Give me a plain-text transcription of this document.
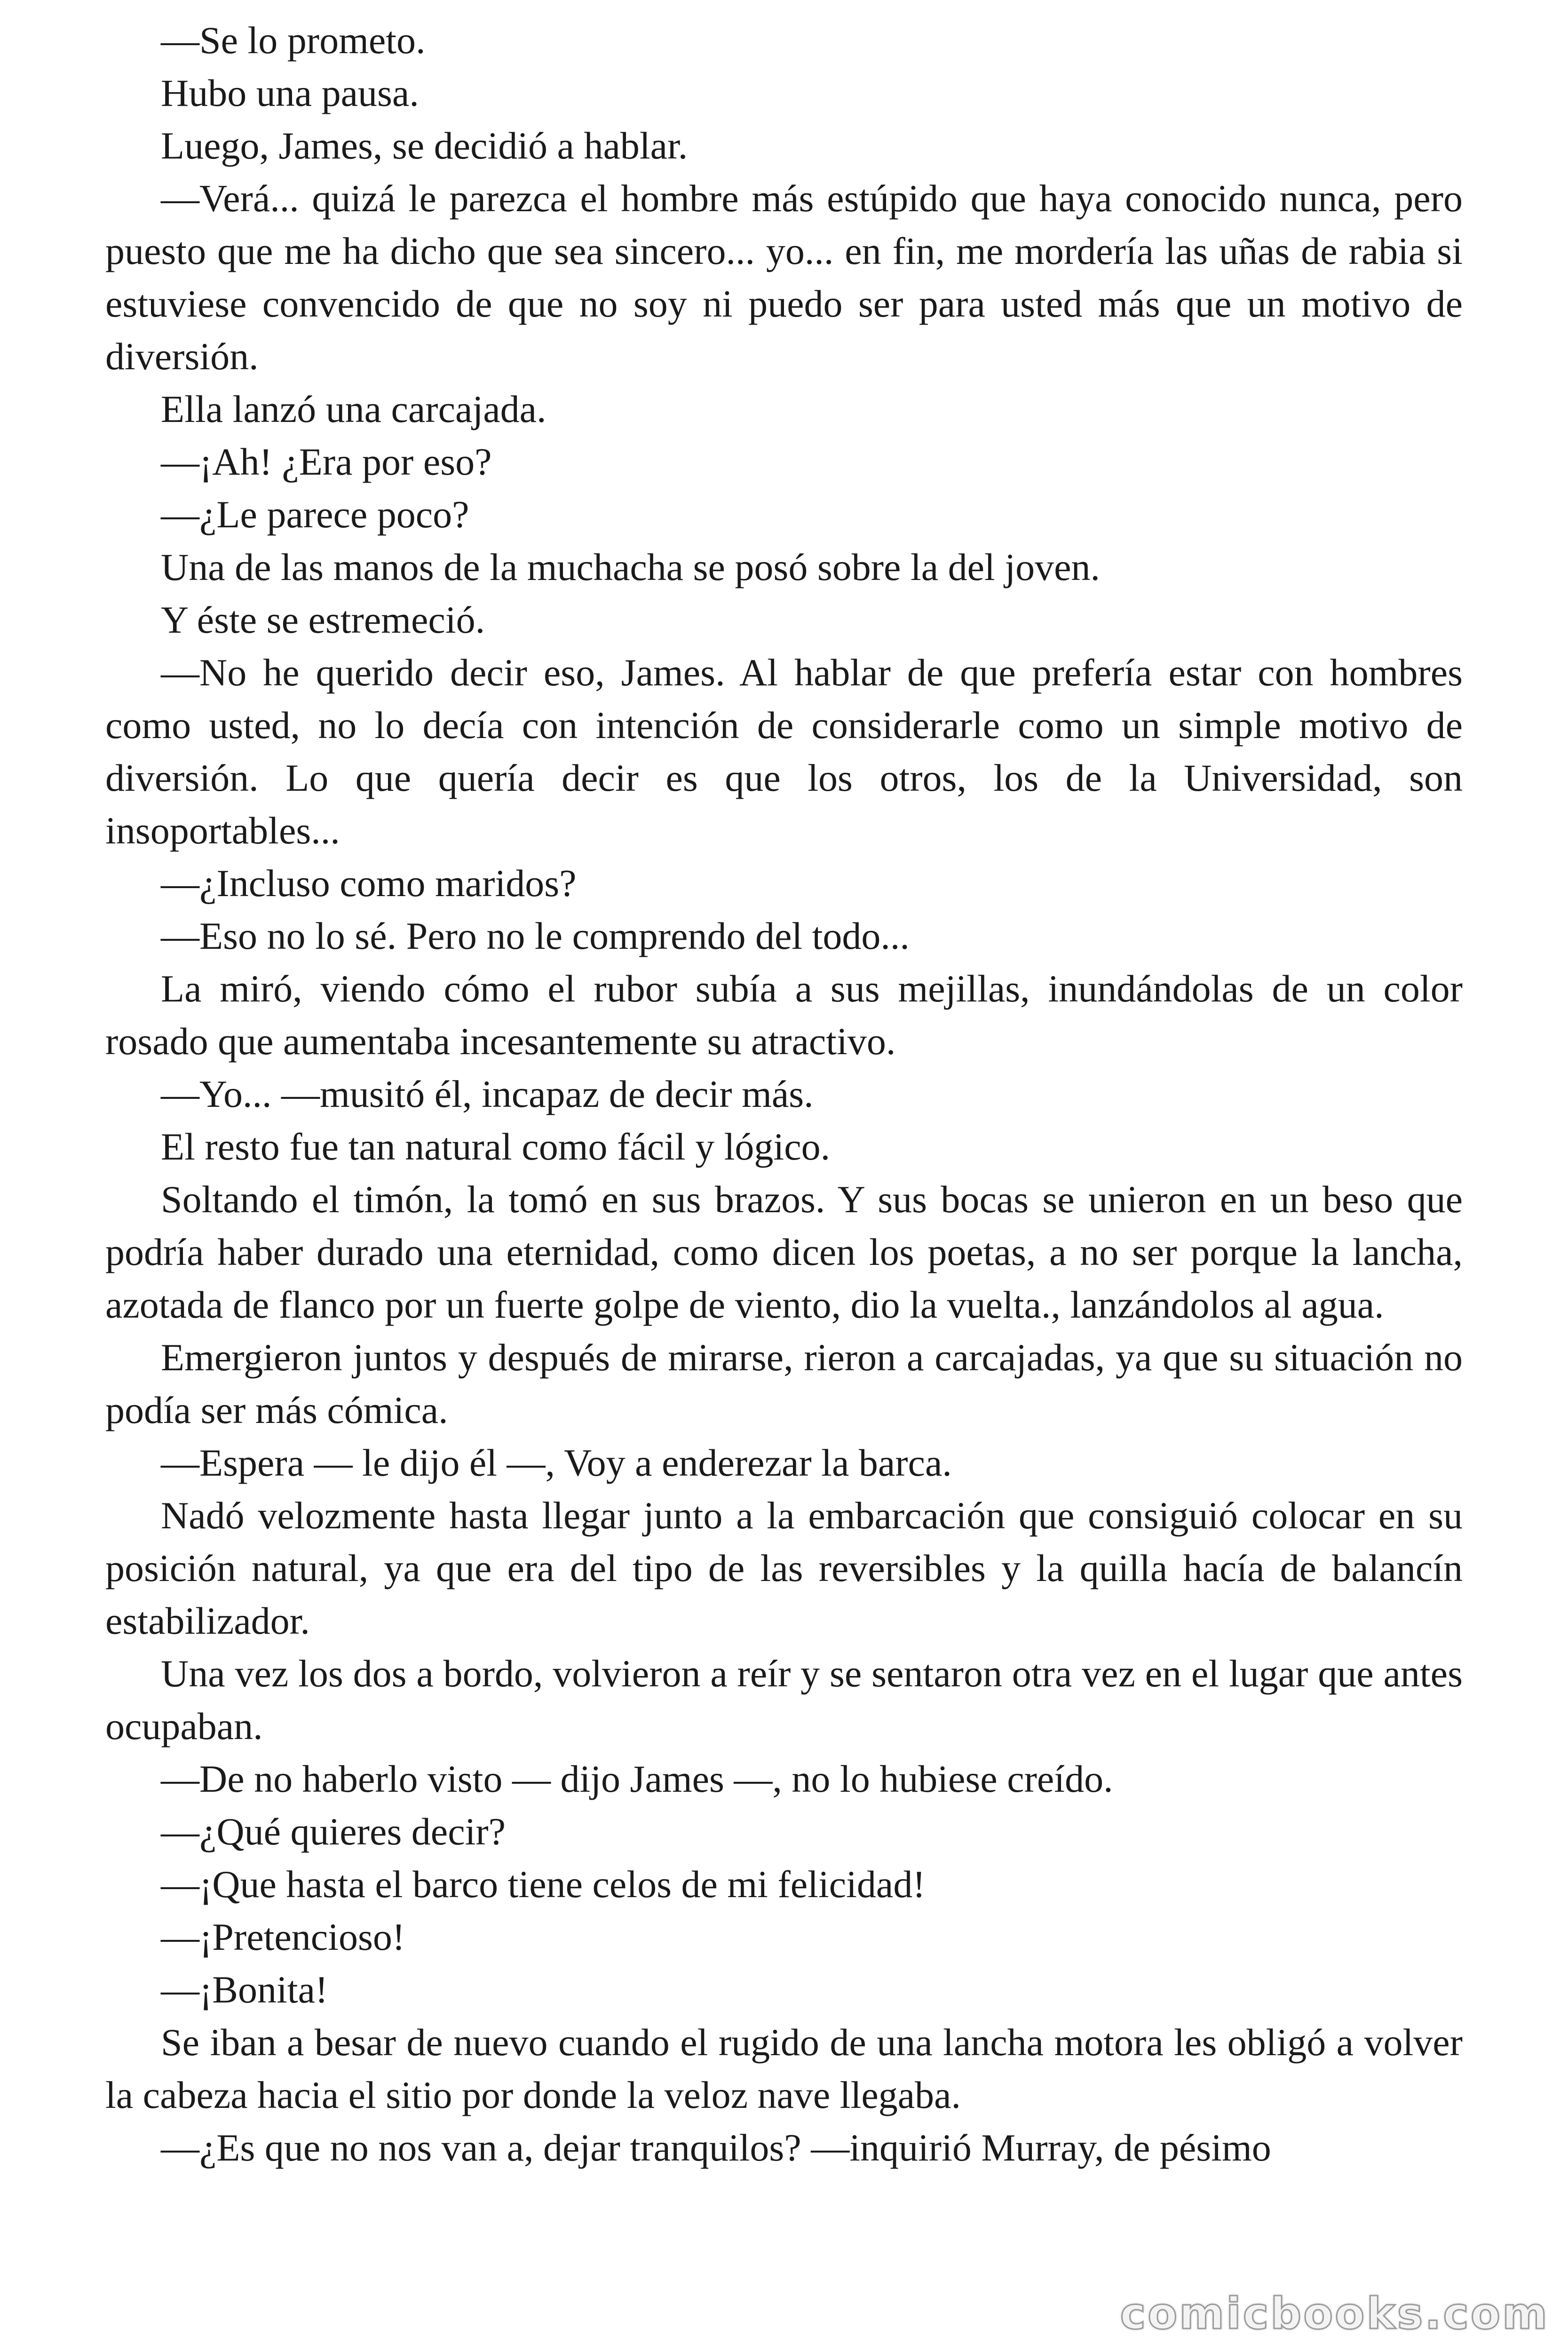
—Se lo prometo.

Hubo una pausa.

Luego, James, se decidió a hablar.

—Verá... quizá le parezca el hombre más estúpido que haya conocido nunca, pero puesto que me ha dicho que sea sincero... yo... en fin, me mordería las uñas de rabia si estuviese convencido de que no soy ni puedo ser para usted más que un motivo de diversión.

Ella lanzó una carcajada.

—¡Ah! ¿Era por eso?

—¿Le parece poco?

Una de las manos de la muchacha se posó sobre la del joven.

Y éste se estremeció.

—No he querido decir eso, James. Al hablar de que prefería estar con hombres como usted, no lo decía con intención de considerarle como un simple motivo de diversión. Lo que quería decir es que los otros, los de la Universidad, son insoportables...

—¿Incluso como maridos?

—Eso no lo sé. Pero no le comprendo del todo...

La miró, viendo cómo el rubor subía a sus mejillas, inundándolas de un color rosado que aumentaba incesantemente su atractivo.

—Yo... —musitó él, incapaz de decir más.

El resto fue tan natural como fácil y lógico.

Soltando el timón, la tomó en sus brazos. Y sus bocas se unieron en un beso que podría haber durado una eternidad, como dicen los poetas, a no ser porque la lancha, azotada de flanco por un fuerte golpe de viento, dio la vuelta., lanzándolos al agua.

Emergieron juntos y después de mirarse, rieron a carcajadas, ya que su situación no podía ser más cómica.

—Espera — le dijo él —, Voy a enderezar la barca.

Nadó velozmente hasta llegar junto a la embarcación que consiguió colocar en su posición natural, ya que era del tipo de las reversibles y la quilla hacía de balancín estabilizador.

Una vez los dos a bordo, volvieron a reír y se sentaron otra vez en el lugar que antes ocupaban.

—De no haberlo visto — dijo James —, no lo hubiese creído.

—¿Qué quieres decir?

—¡Que hasta el barco tiene celos de mi felicidad!

—¡Pretencioso!

—¡Bonita!

Se iban a besar de nuevo cuando el rugido de una lancha motora les obligó a volver la cabeza hacia el sitio por donde la veloz nave llegaba.

—¿Es que no nos van a, dejar tranquilos? —inquirió Murray, de pésimo

comicbooks.com
